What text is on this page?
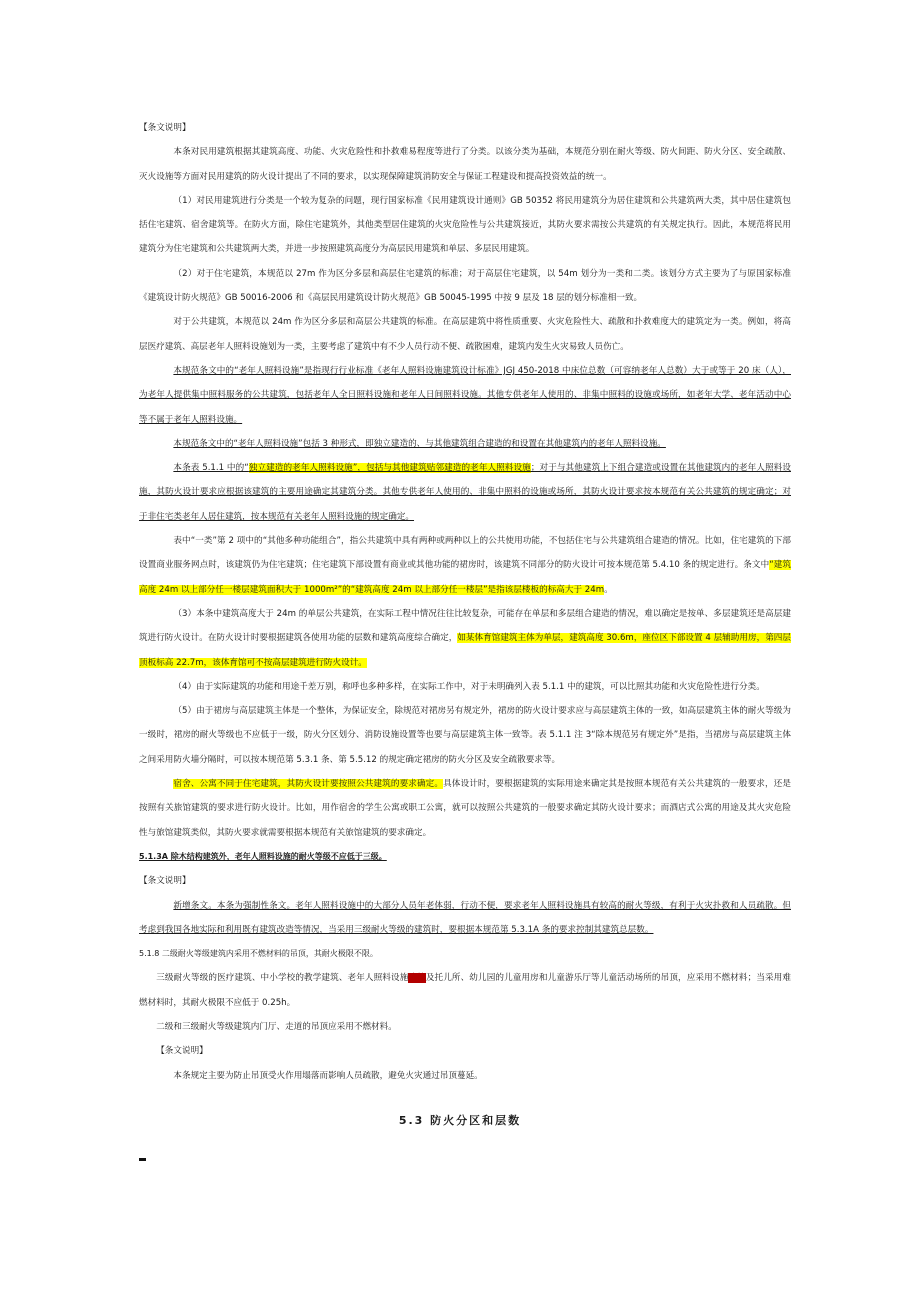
【条文说明】

本条对民用建筑根据其建筑高度、功能、火灾危险性和扑救难易程度等进行了分类。以该分类为基础，本规范分别在耐火等级、防火间距、防火分区、安全疏散、灭火设施等方面对民用建筑的防火设计提出了不同的要求，以实现保障建筑消防安全与保证工程建设和提高投资效益的统一。

（1）对民用建筑进行分类是一个较为复杂的问题，现行国家标准《民用建筑设计通则》GB 50352 将民用建筑分为居住建筑和公共建筑两大类，其中居住建筑包括住宅建筑、宿舍建筑等。在防火方面，除住宅建筑外，其他类型居住建筑的火灾危险性与公共建筑接近，其防火要求需按公共建筑的有关规定执行。因此，本规范将民用建筑分为住宅建筑和公共建筑两大类，并进一步按照建筑高度分为高层民用建筑和单层、多层民用建筑。

（2）对于住宅建筑，本规范以 27m 作为区分多层和高层住宅建筑的标准；对于高层住宅建筑，以 54m 划分为一类和二类。该划分方式主要为了与原国家标准《建筑设计防火规范》GB 50016-2006 和《高层民用建筑设计防火规范》GB 50045-1995 中按 9 层及 18 层的划分标准相一致。

对于公共建筑，本规范以 24m 作为区分多层和高层公共建筑的标准。在高层建筑中将性质重要、火灾危险性大、疏散和扑救难度大的建筑定为一类。例如，将高层医疗建筑、高层老年人照料设施划为一类，主要考虑了建筑中有不少人员行动不便、疏散困难，建筑内发生火灾易致人员伤亡。

本规范条文中的“老年人照料设施”是指现行行业标准《老年人照料设施建筑设计标准》JGJ 450-2018 中床位总数（可容纳老年人总数）大于或等于 20 床（人），为老年人提供集中照料服务的公共建筑，包括老年人全日照料设施和老年人日间照料设施。其他专供老年人使用的、非集中照料的设施或场所，如老年大学、老年活动中心等不属于老年人照料设施。

本规范条文中的“老年人照料设施”包括 3 种形式，即独立建造的、与其他建筑组合建造的和设置在其他建筑内的老年人照料设施。

本条表 5.1.1 中的“独立建造的老年人照料设施”，包括与其他建筑贴邻建造的老年人照料设施；对于与其他建筑上下组合建造或设置在其他建筑内的老年人照料设施，其防火设计要求应根据该建筑的主要用途确定其建筑分类。其他专供老年人使用的、非集中照料的设施或场所，其防火设计要求按本规范有关公共建筑的规定确定；对于非住宅类老年人居住建筑，按本规范有关老年人照料设施的规定确定。

表中“一类”第 2 项中的“其他多种功能组合”，指公共建筑中具有两种或两种以上的公共使用功能，不包括住宅与公共建筑组合建造的情况。比如，住宅建筑的下部设置商业服务网点时，该建筑仍为住宅建筑；住宅建筑下部设置有商业或其他功能的裙房时，该建筑不同部分的防火设计可按本规范第 5.4.10 条的规定进行。条文中“建筑高度 24m 以上部分任一楼层建筑面积大于 1000m²”的“建筑高度 24m 以上部分任一楼层”是指该层楼板的标高大于 24m。

（3）本条中建筑高度大于 24m 的单层公共建筑，在实际工程中情况往往比较复杂，可能存在单层和多层组合建造的情况，难以确定是按单、多层建筑还是高层建筑进行防火设计。在防火设计时要根据建筑各使用功能的层数和建筑高度综合确定，如某体育馆建筑主体为单层，建筑高度 30.6m，座位区下部设置 4 层辅助用房，第四层顶板标高 22.7m，该体育馆可不按高层建筑进行防火设计。

（4）由于实际建筑的功能和用途千差万别，称呼也多种多样，在实际工作中，对于未明确列入表 5.1.1 中的建筑，可以比照其功能和火灾危险性进行分类。

（5）由于裙房与高层建筑主体是一个整体，为保证安全，除规范对裙房另有规定外，裙房的防火设计要求应与高层建筑主体的一致，如高层建筑主体的耐火等级为一级时，裙房的耐火等级也不应低于一级，防火分区划分、消防设施设置等也要与高层建筑主体一致等。表 5.1.1 注 3“除本规范另有规定外”是指，当裙房与高层建筑主体之间采用防火墙分隔时，可以按本规范第 5.3.1 条、第 5.5.12 的规定确定裙房的防火分区及安全疏散要求等。

宿舍、公寓不同于住宅建筑，其防火设计要按照公共建筑的要求确定。具体设计时，要根据建筑的实际用途来确定其是按照本规范有关公共建筑的一般要求，还是按照有关旅馆建筑的要求进行防火设计。比如，用作宿舍的学生公寓或职工公寓，就可以按照公共建筑的一般要求确定其防火设计要求；而酒店式公寓的用途及其火灾危险性与旅馆建筑类似，其防火要求就需要根据本规范有关旅馆建筑的要求确定。

5.1.3A 除木结构建筑外，老年人照料设施的耐火等级不应低于三级。

【条文说明】

新增条文。本条为强制性条文。老年人照料设施中的大部分人员年老体弱，行动不便，要求老年人照料设施具有较高的耐火等级，有利于火灾扑救和人员疏散。但考虑到我国各地实际和利用既有建筑改造等情况，当采用三级耐火等级的建筑时，要根据本规范第 5.3.1A 条的要求控制其建筑总层数。

5.1.8 二级耐火等级建筑内采用不燃材料的吊顶，其耐火极限不限。

三级耐火等级的医疗建筑、中小学校的教学建筑、老年人照料设施建筑及托儿所、幼儿园的儿童用房和儿童游乐厅等儿童活动场所的吊顶，应采用不燃材料；当采用难燃材料时，其耐火极限不应低于 0.25h。

二级和三级耐火等级建筑内门厅、走道的吊顶应采用不燃材料。

【条文说明】

本条规定主要为防止吊顶受火作用塌落而影响人员疏散，避免火灾通过吊顶蔓延。

5.3 防火分区和层数
